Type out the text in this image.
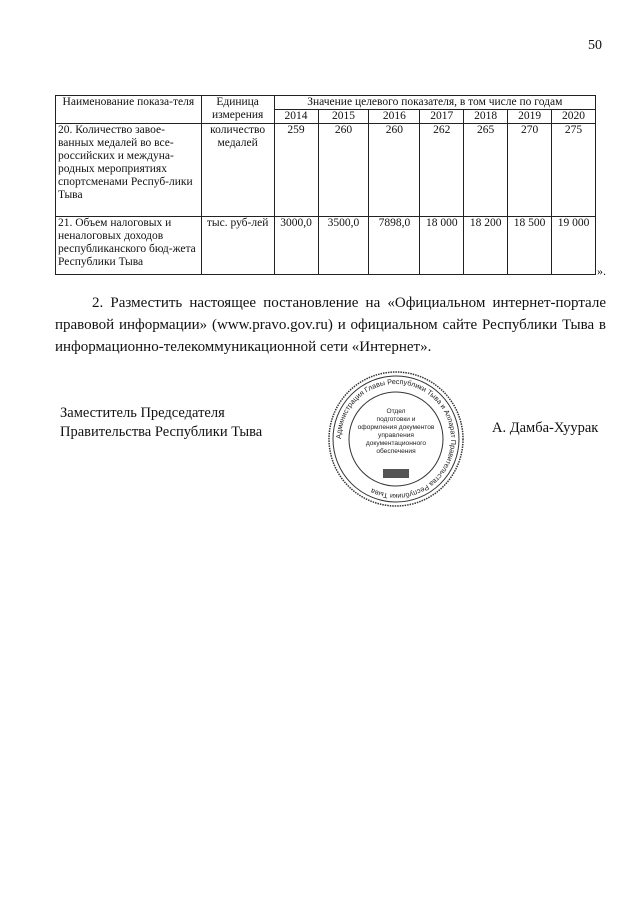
50
Наименование показа-теля	Единица измерения	Значение целевого показателя, в том числе по годам						
		2014	2015	2016	2017	2018	2019	2020
20. Количество завое-ванных медалей во все-российских и междуна-родных мероприятиях спортсменами Респуб-лики Тыва	количество медалей	259	260	260	262	265	270	275
21. Объем налоговых и неналоговых доходов республиканского бюд-жета Республики Тыва	тыс. руб-лей	3000,0	3500,0	7898,0	18 000	18 200	18 500	19 000
».
2. Разместить настоящее постановление на «Официальном интернет-портале правовой информации» (www.pravo.gov.ru) и официальном сайте Республики Тыва в информационно-телекоммуникационной сети «Интернет».
Заместитель Председателя
Правительства Республики Тыва	Администрация Главы Республики Тыва и Аппарат Правительства Республики Тыва
Отдел
подготовки и
оформления документов
управления
документационного
обеспечения
А. Дамба-Хуурак
